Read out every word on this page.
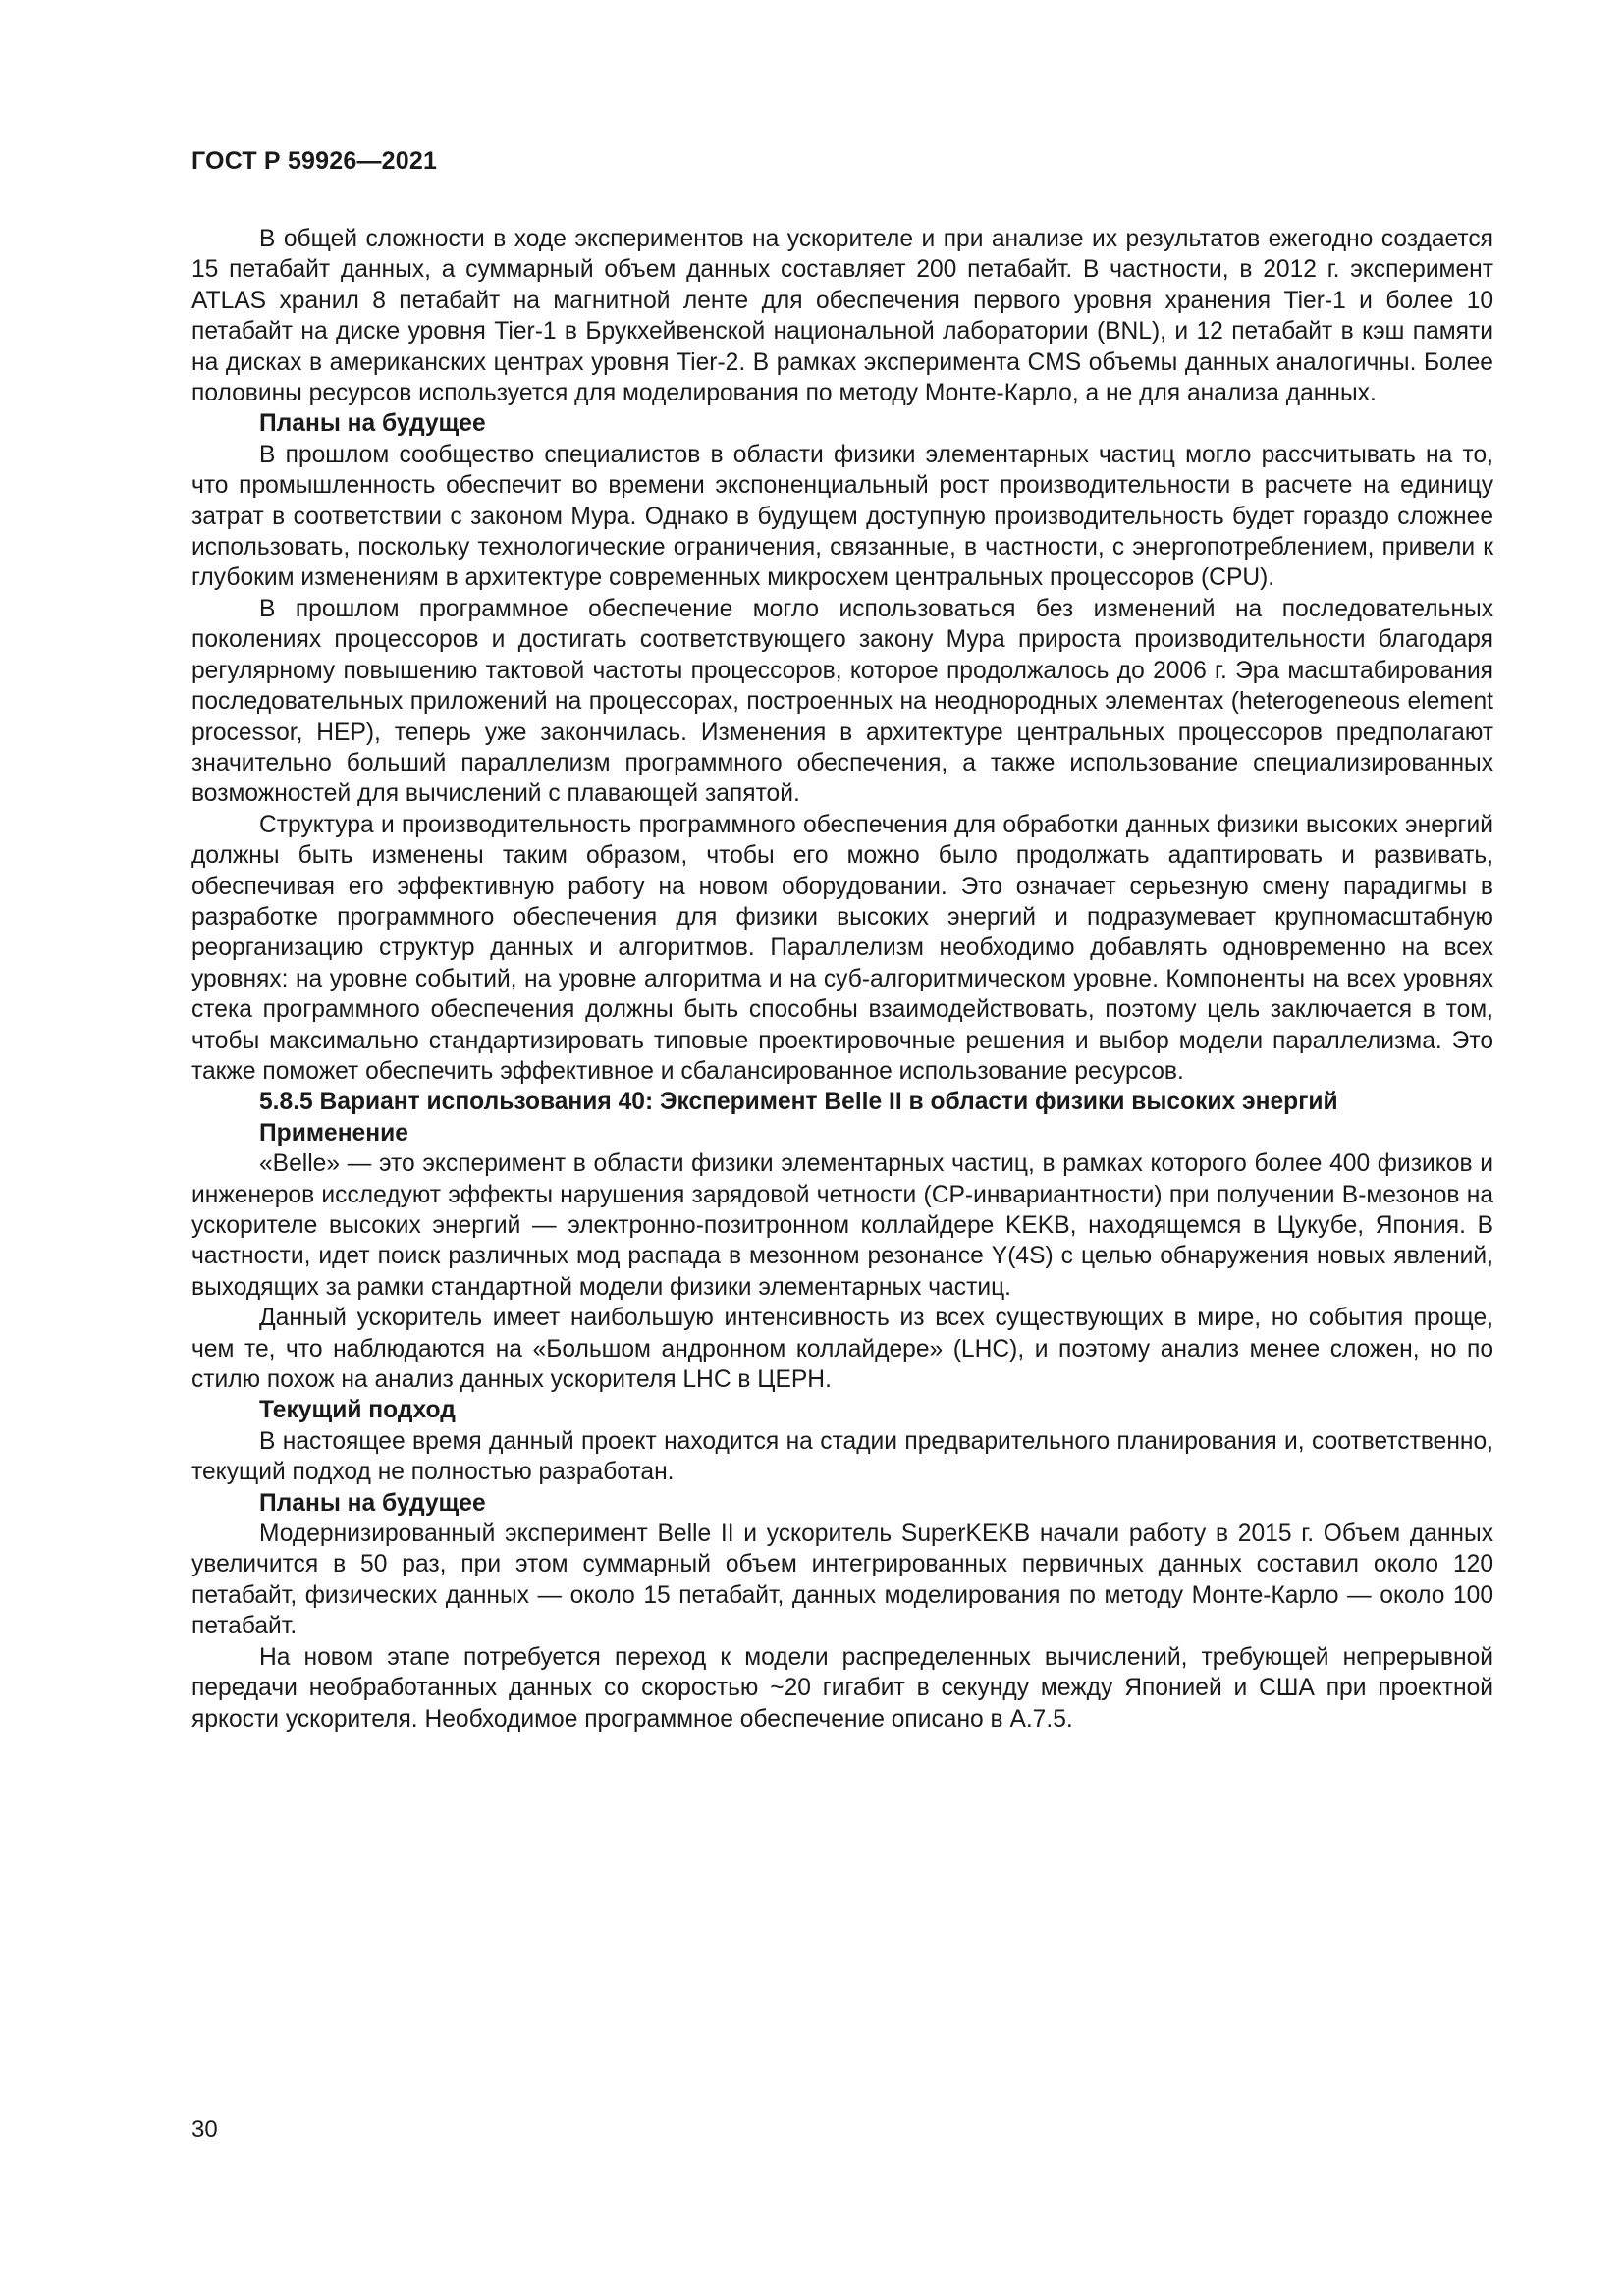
ГОСТ Р 59926—2021

В общей сложности в ходе экспериментов на ускорителе и при анализе их результатов ежегодно создается 15 петабайт данных, а суммарный объем данных составляет 200 петабайт. В частности, в 2012 г. эксперимент ATLAS хранил 8 петабайт на магнитной ленте для обеспечения первого уровня хранения Tier-1 и более 10 петабайт на диске уровня Tier-1 в Брукхейвенской национальной лаборатории (BNL), и 12 петабайт в кэш памяти на дисках в американских центрах уровня Tier-2. В рамках эксперимента CMS объемы данных аналогичны. Более половины ресурсов используется для моделирования по методу Монте-Карло, а не для анализа данных.

Планы на будущее

В прошлом сообщество специалистов в области физики элементарных частиц могло рассчитывать на то, что промышленность обеспечит во времени экспоненциальный рост производительности в расчете на единицу затрат в соответствии с законом Мура. Однако в будущем доступную производительность будет гораздо сложнее использовать, поскольку технологические ограничения, связанные, в частности, с энергопотреблением, привели к глубоким изменениям в архитектуре современных микросхем центральных процессоров (CPU).

В прошлом программное обеспечение могло использоваться без изменений на последовательных поколениях процессоров и достигать соответствующего закону Мура прироста производительности благодаря регулярному повышению тактовой частоты процессоров, которое продолжалось до 2006 г. Эра масштабирования последовательных приложений на процессорах, построенных на неоднородных элементах (heterogeneous element processor, HEP), теперь уже закончилась. Изменения в архитектуре центральных процессоров предполагают значительно больший параллелизм программного обеспечения, а также использование специализированных возможностей для вычислений с плавающей запятой.

Структура и производительность программного обеспечения для обработки данных физики высоких энергий должны быть изменены таким образом, чтобы его можно было продолжать адаптировать и развивать, обеспечивая его эффективную работу на новом оборудовании. Это означает серьезную смену парадигмы в разработке программного обеспечения для физики высоких энергий и подразумевает крупномасштабную реорганизацию структур данных и алгоритмов. Параллелизм необходимо добавлять одновременно на всех уровнях: на уровне событий, на уровне алгоритма и на суб-алгоритмическом уровне. Компоненты на всех уровнях стека программного обеспечения должны быть способны взаимодействовать, поэтому цель заключается в том, чтобы максимально стандартизировать типовые проектировочные решения и выбор модели параллелизма. Это также поможет обеспечить эффективное и сбалансированное использование ресурсов.

5.8.5 Вариант использования 40: Эксперимент Belle II в области физики высоких энергий
Применение

«Belle» — это эксперимент в области физики элементарных частиц, в рамках которого более 400 физиков и инженеров исследуют эффекты нарушения зарядовой четности (CP-инвариантности) при получении B-мезонов на ускорителе высоких энергий — электронно-позитронном коллайдере KEKB, находящемся в Цукубе, Япония. В частности, идет поиск различных мод распада в мезонном резонансе Y(4S) с целью обнаружения новых явлений, выходящих за рамки стандартной модели физики элементарных частиц.

Данный ускоритель имеет наибольшую интенсивность из всех существующих в мире, но события проще, чем те, что наблюдаются на «Большом андронном коллайдере» (LHC), и поэтому анализ менее сложен, но по стилю похож на анализ данных ускорителя LHC в ЦЕРН.

Текущий подход

В настоящее время данный проект находится на стадии предварительного планирования и, соответственно, текущий подход не полностью разработан.

Планы на будущее

Модернизированный эксперимент Belle II и ускоритель SuperKEKB начали работу в 2015 г. Объем данных увеличится в 50 раз, при этом суммарный объем интегрированных первичных данных составил около 120 петабайт, физических данных — около 15 петабайт, данных моделирования по методу Монте-Карло — около 100 петабайт.

На новом этапе потребуется переход к модели распределенных вычислений, требующей непрерывной передачи необработанных данных со скоростью ~20 гигабит в секунду между Японией и США при проектной яркости ускорителя. Необходимое программное обеспечение описано в A.7.5.

30
